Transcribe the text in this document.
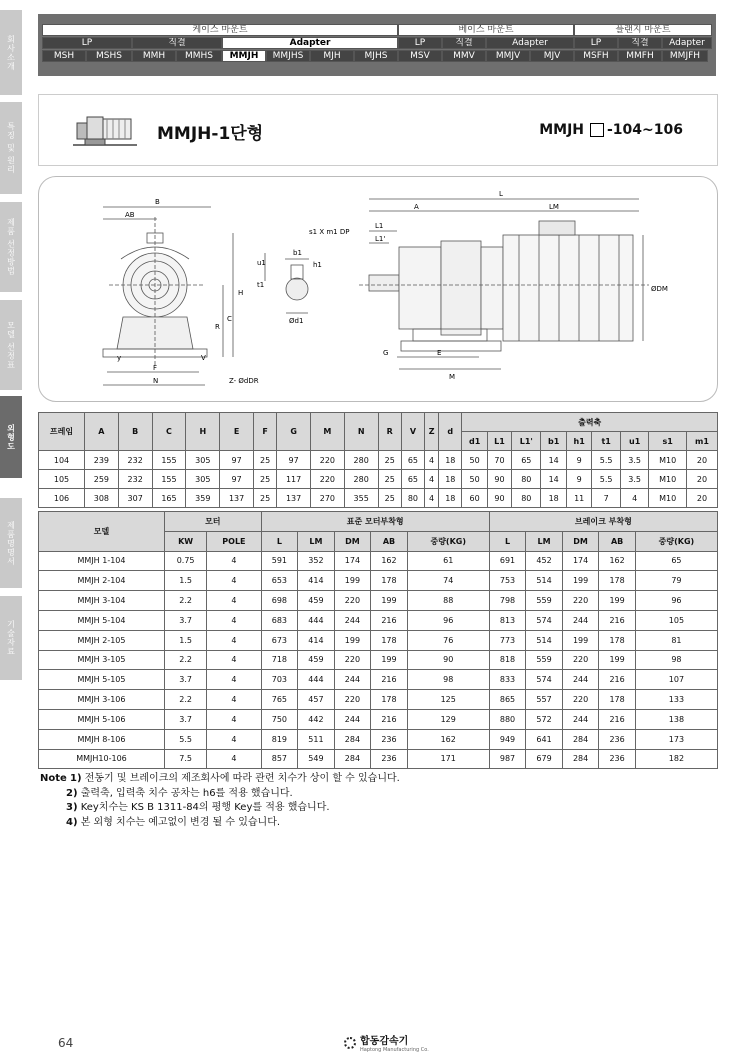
회사소개
특징 및 원리
제품 선정방법
모델 선정표
외형도
제품명명서
기술자료
케이스 마운트	베이스 마운트	플랜지 마운트
LP	직결	Adapter	LP	직결	Adapter	LP	직결	Adapter
MSH	MSHS	MMH	MMHS	MMJH	MMJHS	MJH	MJHS	MSV	MMV	MMJV	MJV	MSFH	MMFH	MMJFH
MMJH-1단형	MMJH -104~106
B
AB
H
C
R
y	V
F
N	Z- ØdDR
s1 X m1 DP
b1
h1
u1
t1
Ød1
L
A	LM
L1
L1'
G	E
M
ØDM
프레임	A	B	C	H	E	F	G	M	N	R	V	Z	d	출력축								
														d1	L1	L1'	b1	h1	t1	u1	s1	m1
104	239	232	155	305	97	25	97	220	280	25	65	4	18	50	70	65	14	9	5.5	3.5	M10	20
105	259	232	155	305	97	25	117	220	280	25	65	4	18	50	90	80	14	9	5.5	3.5	M10	20
106	308	307	165	359	137	25	137	270	355	25	80	4	18	60	90	80	18	11	7	4	M10	20
모델	모터		표준 모터부착형					브레이크 부착형				
	KW	POLE	L	LM	DM	AB	중량(KG)	L	LM	DM	AB	중량(KG)
MMJH 1-104	0.75	4	591	352	174	162	61	691	452	174	162	65
MMJH 2-104	1.5	4	653	414	199	178	74	753	514	199	178	79
MMJH 3-104	2.2	4	698	459	220	199	88	798	559	220	199	96
MMJH 5-104	3.7	4	683	444	244	216	96	813	574	244	216	105
MMJH 2-105	1.5	4	673	414	199	178	76	773	514	199	178	81
MMJH 3-105	2.2	4	718	459	220	199	90	818	559	220	199	98
MMJH 5-105	3.7	4	703	444	244	216	98	833	574	244	216	107
MMJH 3-106	2.2	4	765	457	220	178	125	865	557	220	178	133
MMJH 5-106	3.7	4	750	442	244	216	129	880	572	244	216	138
MMJH 8-106	5.5	4	819	511	284	236	162	949	641	284	236	173
MMJH10-106	7.5	4	857	549	284	236	171	987	679	284	236	182
Note 1) 전동기 및 브레이크의 제조회사에 따라 관련 치수가 상이 할 수 있습니다.
2) 출력축, 입력축 치수 공차는 h6를 적용 했습니다.
3) Key치수는 KS B 1311-84의 평행 Key를 적용 했습니다.
4) 본 외형 치수는 예고없이 변경 될 수 있습니다.
64	합동감속기
Haptong Manufacturing Co.
